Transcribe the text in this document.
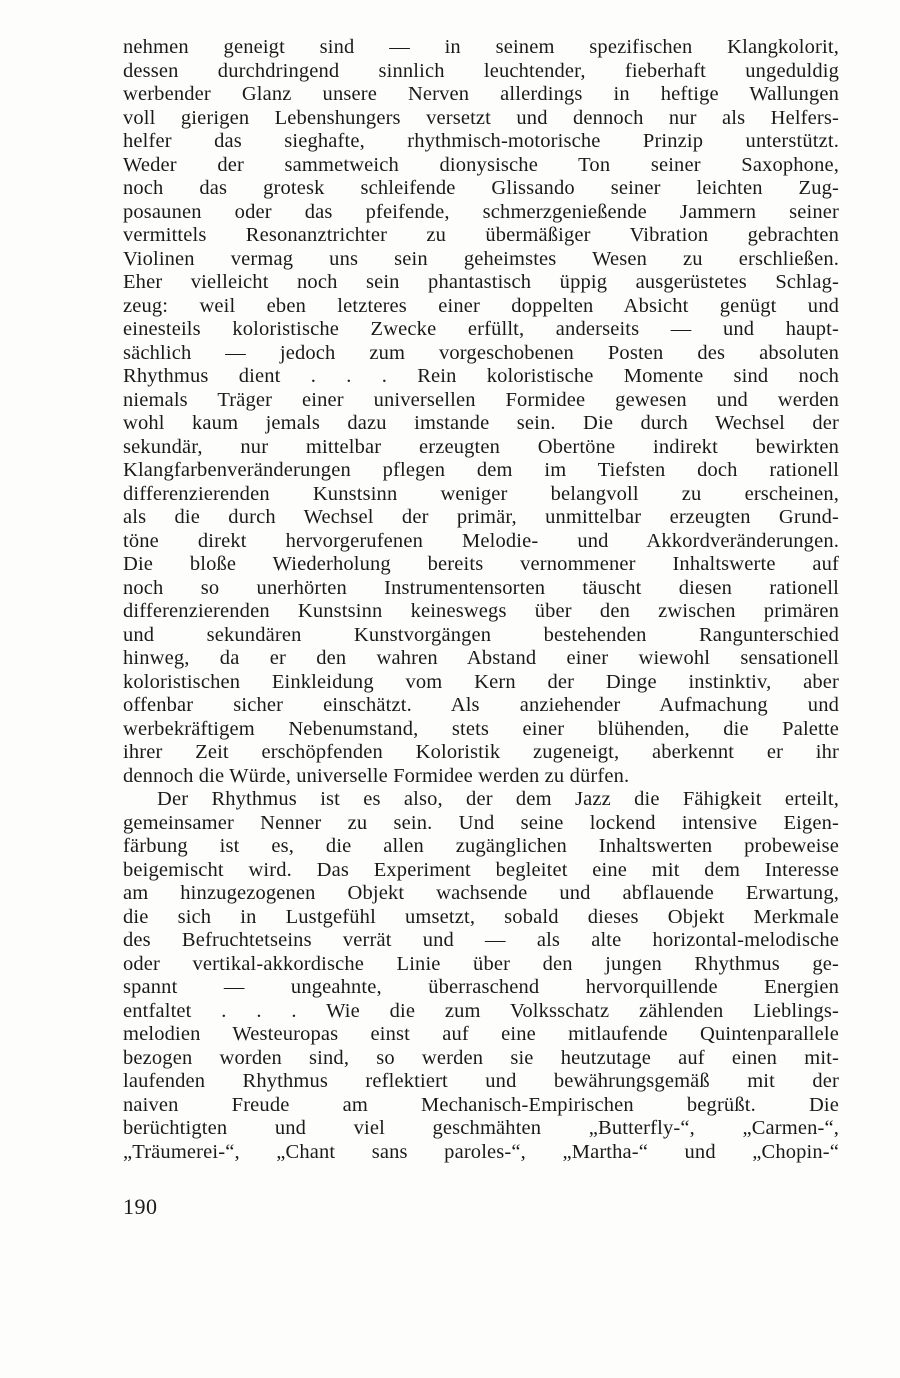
nehmen geneigt sind — in seinem spezifischen Klangkolorit,
dessen durchdringend sinnlich leuchtender, fieberhaft ungeduldig
werbender Glanz unsere Nerven allerdings in heftige Wallungen
voll gierigen Lebenshungers versetzt und dennoch nur als Helfers-
helfer das sieghafte, rhythmisch-motorische Prinzip unterstützt.
Weder der sammetweich dionysische Ton seiner Saxophone,
noch das grotesk schleifende Glissando seiner leichten Zug-
posaunen oder das pfeifende, schmerzgenießende Jammern seiner
vermittels Resonanztrichter zu übermäßiger Vibration gebrachten
Violinen vermag uns sein geheimstes Wesen zu erschließen.
Eher vielleicht noch sein phantastisch üppig ausgerüstetes Schlag-
zeug: weil eben letzteres einer doppelten Absicht genügt und
einesteils koloristische Zwecke erfüllt, anderseits — und haupt-
sächlich — jedoch zum vorgeschobenen Posten des absoluten
Rhythmus dient . . . Rein koloristische Momente sind noch
niemals Träger einer universellen Formidee gewesen und werden
wohl kaum jemals dazu imstande sein. Die durch Wechsel der
sekundär, nur mittelbar erzeugten Obertöne indirekt bewirkten
Klangfarbenveränderungen pflegen dem im Tiefsten doch rationell
differenzierenden Kunstsinn weniger belangvoll zu erscheinen,
als die durch Wechsel der primär, unmittelbar erzeugten Grund-
töne direkt hervorgerufenen Melodie- und Akkordveränderungen.
Die bloße Wiederholung bereits vernommener Inhaltswerte auf
noch so unerhörten Instrumentensorten täuscht diesen rationell
differenzierenden Kunstsinn keineswegs über den zwischen primären
und sekundären Kunstvorgängen bestehenden Rangunterschied
hinweg, da er den wahren Abstand einer wiewohl sensationell
koloristischen Einkleidung vom Kern der Dinge instinktiv, aber
offenbar sicher einschätzt. Als anziehender Aufmachung und
werbekräftigem Nebenumstand, stets einer blühenden, die Palette
ihrer Zeit erschöpfenden Koloristik zugeneigt, aberkennt er ihr
dennoch die Würde, universelle Formidee werden zu dürfen.
Der Rhythmus ist es also, der dem Jazz die Fähigkeit erteilt,
gemeinsamer Nenner zu sein. Und seine lockend intensive Eigen-
färbung ist es, die allen zugänglichen Inhaltswerten probeweise
beigemischt wird. Das Experiment begleitet eine mit dem Interesse
am hinzugezogenen Objekt wachsende und abflauende Erwartung,
die sich in Lustgefühl umsetzt, sobald dieses Objekt Merkmale
des Befruchtetseins verrät und — als alte horizontal-melodische
oder vertikal-akkordische Linie über den jungen Rhythmus ge-
spannt — ungeahnte, überraschend hervorquillende Energien
entfaltet . . . Wie die zum Volksschatz zählenden Lieblings-
melodien Westeuropas einst auf eine mitlaufende Quintenparallele
bezogen worden sind, so werden sie heutzutage auf einen mit-
laufenden Rhythmus reflektiert und bewährungsgemäß mit der
naiven Freude am Mechanisch-Empirischen begrüßt. Die
berüchtigten und viel geschmähten „Butterfly-“, „Carmen-“,
„Träumerei-“, „Chant sans paroles-“, „Martha-“ und „Chopin-“
190
